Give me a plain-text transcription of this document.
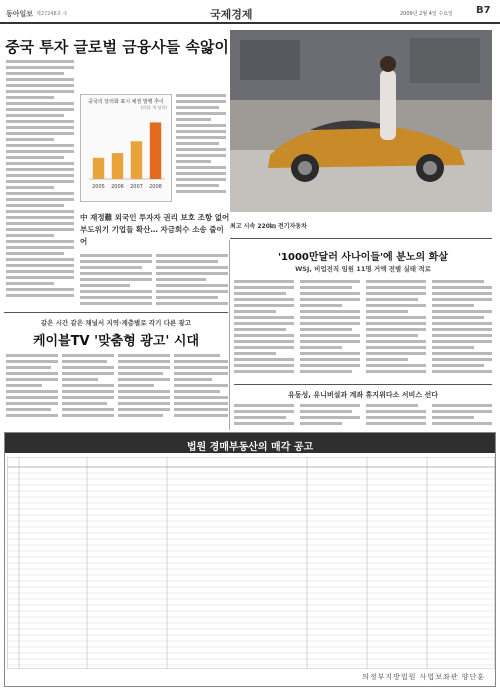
동아일보 제27248호 ①	국제경제	2009년 2월 4일 수요일 B7
중국 투자 글로벌 금융사들 속앓이
중국의 달러화 표시 채권 발행 추이
(단위: 억 달러)
2005 2006 2007 2008
中 재정難 외국인 투자자 권리 보호 조항 없어 부도위기 기업들 확산… 자금회수 소송 줄이어
최고 시속 220㎞ 전기자동차
'1000만달러 사나이들'에 분노의 화살
WSJ, 비업전직 임원 11명 거액 전별 실태 적로
같은 시간 같은 채널서 지역·계층별로 각기 다른 광고
케이블TV '맞춤형 광고' 시대
유동성, 유니버설과 계좌 휴지위다소 서비스 선다
법원 경매부동산의 매각 공고
의정부지방법원 사법보좌관 양단훈
